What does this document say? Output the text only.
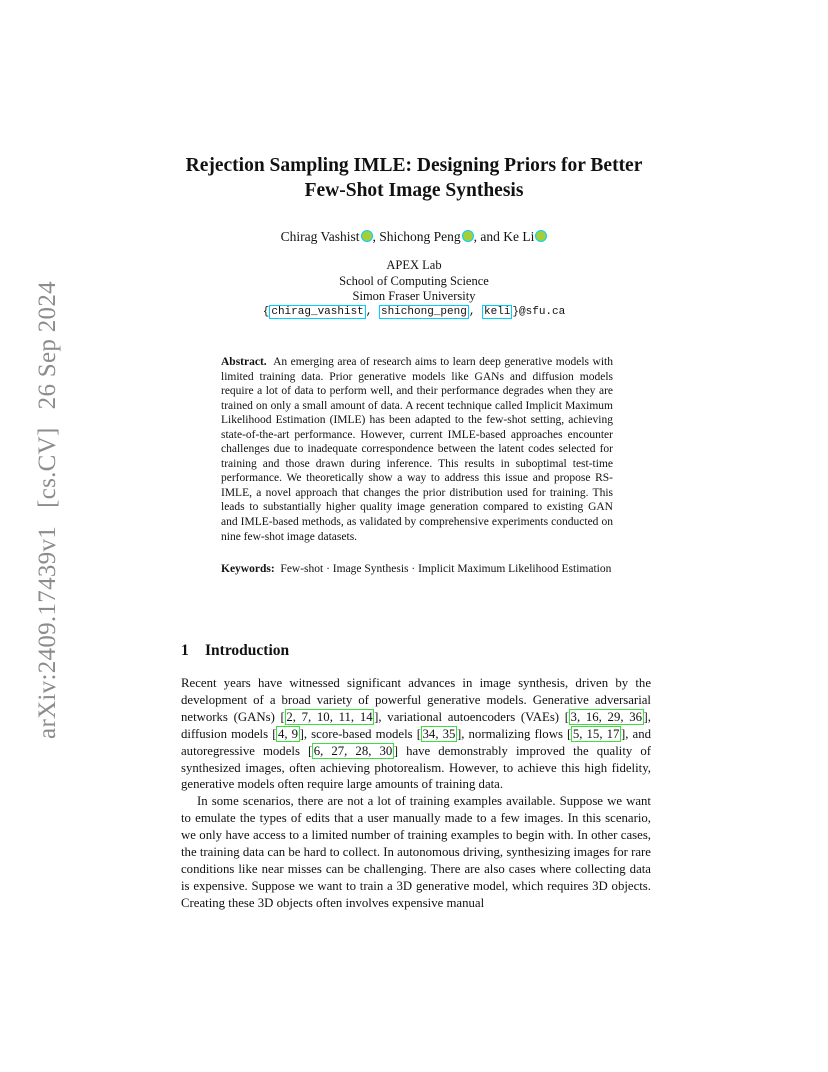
arXiv:2409.17439v1[cs.CV]26 Sep 2024
Rejection Sampling IMLE: Designing Priors for Better
Few-Shot Image Synthesis
Chirag Vashist , Shichong Peng , and Ke Li
APEX Lab
School of Computing Science
Simon Fraser University
{ chirag_vashist , shichong_peng , keli }@sfu.ca

Abstract. An emerging area of research aims to learn deep generative models with limited training data. Prior generative models like GANs and diffusion models require a lot of data to perform well, and their performance degrades when they are trained on only a small amount of data. A recent technique called Implicit Maximum Likelihood Estimation (IMLE) has been adapted to the few-shot setting, achieving state-of-the-art performance. However, current IMLE-based approaches encounter challenges due to inadequate correspondence between the latent codes selected for training and those drawn during inference. This results in suboptimal test-time performance. We theoretically show a way to address this issue and propose RS-IMLE, a novel approach that changes the prior distribution used for training. This leads to substantially higher quality image generation compared to existing GAN and IMLE-based methods, as validated by comprehensive experiments conducted on nine few-shot image datasets.

Keywords: Few-shot · Image Synthesis · Implicit Maximum Likelihood Estimation

1 Introduction

Recent years have witnessed significant advances in image synthesis, driven by the development of a broad variety of powerful generative models. Generative adversarial networks (GANs) [ 2, 7, 10, 11, 14 ], variational autoencoders (VAEs) [ 3, 16, 29, 36 ], diffusion models [ 4, 9 ], score-based models [ 34, 35 ], normalizing flows [ 5, 15, 17 ], and autoregressive models [ 6, 27, 28, 30 ] have demonstrably improved the quality of synthesized images, often achieving photorealism. However, to achieve this high fidelity, generative models often require large amounts of training data.

In some scenarios, there are not a lot of training examples available. Suppose we want to emulate the types of edits that a user manually made to a few images. In this scenario, we only have access to a limited number of training examples to begin with. In other cases, the training data can be hard to collect. In autonomous driving, synthesizing images for rare conditions like near misses can be challenging. There are also cases where collecting data is expensive. Suppose we want to train a 3D generative model, which requires 3D objects. Creating these 3D objects often involves expensive manual
